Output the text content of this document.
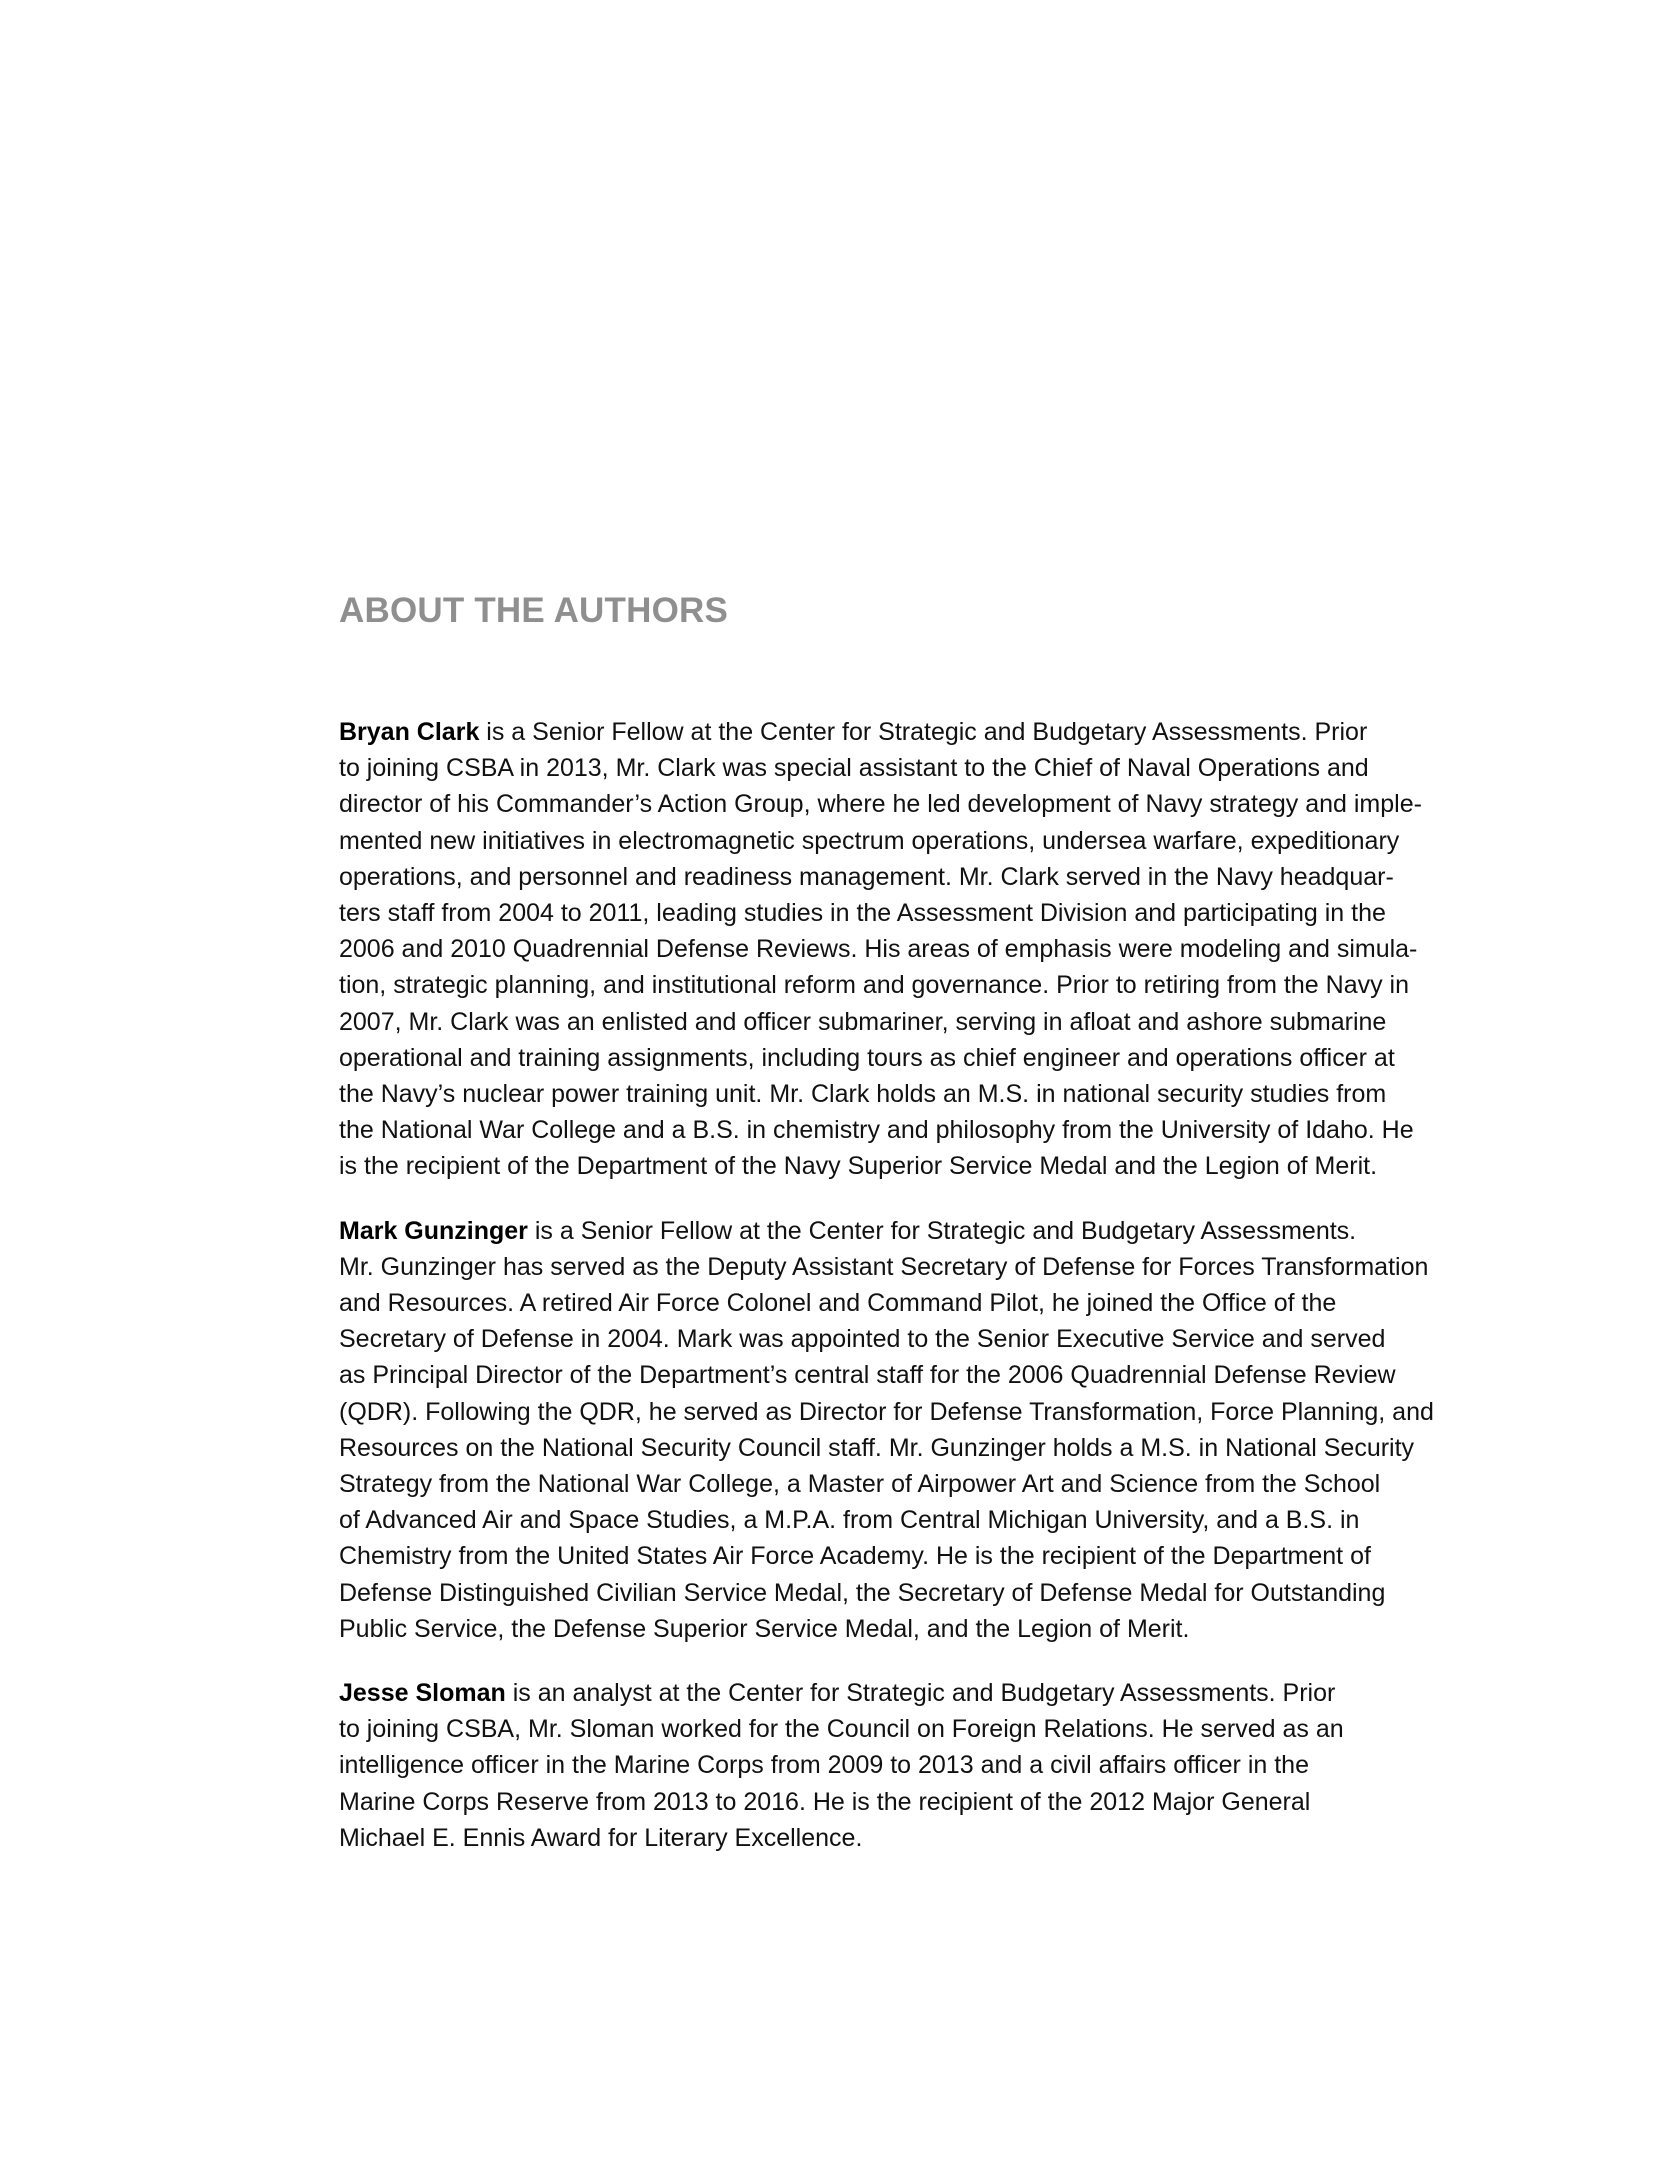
ABOUT THE AUTHORS

Bryan Clark is a Senior Fellow at the Center for Strategic and Budgetary Assessments. Prior
to joining CSBA in 2013, Mr. Clark was special assistant to the Chief of Naval Operations and
director of his Commander’s Action Group, where he led development of Navy strategy and imple-
mented new initiatives in electromagnetic spectrum operations, undersea warfare, expeditionary
operations, and personnel and readiness management. Mr. Clark served in the Navy headquar-
ters staff from 2004 to 2011, leading studies in the Assessment Division and participating in the
2006 and 2010 Quadrennial Defense Reviews. His areas of emphasis were modeling and simula-
tion, strategic planning, and institutional reform and governance. Prior to retiring from the Navy in
2007, Mr. Clark was an enlisted and officer submariner, serving in afloat and ashore submarine
operational and training assignments, including tours as chief engineer and operations officer at
the Navy’s nuclear power training unit. Mr. Clark holds an M.S. in national security studies from
the National War College and a B.S. in chemistry and philosophy from the University of Idaho. He
is the recipient of the Department of the Navy Superior Service Medal and the Legion of Merit.

Mark Gunzinger is a Senior Fellow at the Center for Strategic and Budgetary Assessments.
Mr. Gunzinger has served as the Deputy Assistant Secretary of Defense for Forces Transformation
and Resources. A retired Air Force Colonel and Command Pilot, he joined the Office of the
Secretary of Defense in 2004. Mark was appointed to the Senior Executive Service and served
as Principal Director of the Department’s central staff for the 2006 Quadrennial Defense Review
(QDR). Following the QDR, he served as Director for Defense Transformation, Force Planning, and
Resources on the National Security Council staff. Mr. Gunzinger holds a M.S. in National Security
Strategy from the National War College, a Master of Airpower Art and Science from the School
of Advanced Air and Space Studies, a M.P.A. from Central Michigan University, and a B.S. in
Chemistry from the United States Air Force Academy. He is the recipient of the Department of
Defense Distinguished Civilian Service Medal, the Secretary of Defense Medal for Outstanding
Public Service, the Defense Superior Service Medal, and the Legion of Merit.

Jesse Sloman is an analyst at the Center for Strategic and Budgetary Assessments. Prior
to joining CSBA, Mr. Sloman worked for the Council on Foreign Relations. He served as an
intelligence officer in the Marine Corps from 2009 to 2013 and a civil affairs officer in the
Marine Corps Reserve from 2013 to 2016. He is the recipient of the 2012 Major General
Michael E. Ennis Award for Literary Excellence.
